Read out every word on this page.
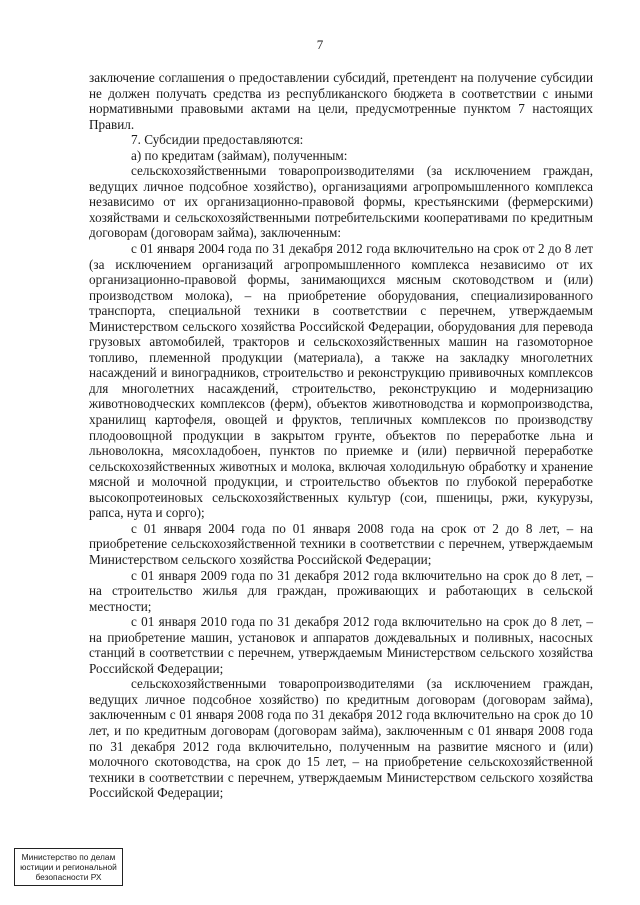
7

заключение соглашения о предоставлении субсидий, претендент на получение субсидии не должен получать средства из республиканского бюджета в соответствии с иными нормативными правовыми актами на цели, предусмотренные пунктом 7 настоящих Правил.

7. Субсидии предоставляются:

а) по кредитам (займам), полученным:

сельскохозяйственными товаропроизводителями (за исключением граждан, ведущих личное подсобное хозяйство), организациями агропромышленного комплекса независимо от их организационно-правовой формы, крестьянскими (фермерскими) хозяйствами и сельскохозяйственными потребительскими кооперативами по кредитным договорам (договорам займа), заключенным:

с 01 января 2004 года по 31 декабря 2012 года включительно на срок от 2 до 8 лет (за исключением организаций агропромышленного комплекса независимо от их организационно-правовой формы, занимающихся мясным скотоводством и (или) производством молока), – на приобретение оборудования, специализированного транспорта, специальной техники в соответствии с перечнем, утверждаемым Министерством сельского хозяйства Российской Федерации, оборудования для перевода грузовых автомобилей, тракторов и сельскохозяйственных машин на газомоторное топливо, племенной продукции (материала), а также на закладку многолетних насаждений и виноградников, строительство и реконструкцию прививочных комплексов для многолетних насаждений, строительство, реконструкцию и модернизацию животноводческих комплексов (ферм), объектов животноводства и кормопроизводства, хранилищ картофеля, овощей и фруктов, тепличных комплексов по производству плодоовощной продукции в закрытом грунте, объектов по переработке льна и льноволокна, мясохладобоен, пунктов по приемке и (или) первичной переработке сельскохозяйственных животных и молока, включая холодильную обработку и хранение мясной и молочной продукции, и строительство объектов по глубокой переработке высокопротеиновых сельскохозяйственных культур (сои, пшеницы, ржи, кукурузы, рапса, нута и сорго);

с 01 января 2004 года по 01 января 2008 года на срок от 2 до 8 лет, – на приобретение сельскохозяйственной техники в соответствии с перечнем, утверждаемым Министерством сельского хозяйства Российской Федерации;

с 01 января 2009 года по 31 декабря 2012 года включительно на срок до 8 лет, – на строительство жилья для граждан, проживающих и работающих в сельской местности;

с 01 января 2010 года по 31 декабря 2012 года включительно на срок до 8 лет, – на приобретение машин, установок и аппаратов дождевальных и поливных, насосных станций в соответствии с перечнем, утверждаемым Министерством сельского хозяйства Российской Федерации;

сельскохозяйственными товаропроизводителями (за исключением граждан, ведущих личное подсобное хозяйство) по кредитным договорам (договорам займа), заключенным с 01 января 2008 года по 31 декабря 2012 года включительно на срок до 10 лет, и по кредитным договорам (договорам займа), заключенным с 01 января 2008 года по 31 декабря 2012 года включительно, полученным на развитие мясного и (или) молочного скотоводства, на срок до 15 лет, – на приобретение сельскохозяйственной техники в соответствии с перечнем, утверждаемым Министерством сельского хозяйства Российской Федерации;

Министерство по делам
юстиции и региональной
безопасности РХ
